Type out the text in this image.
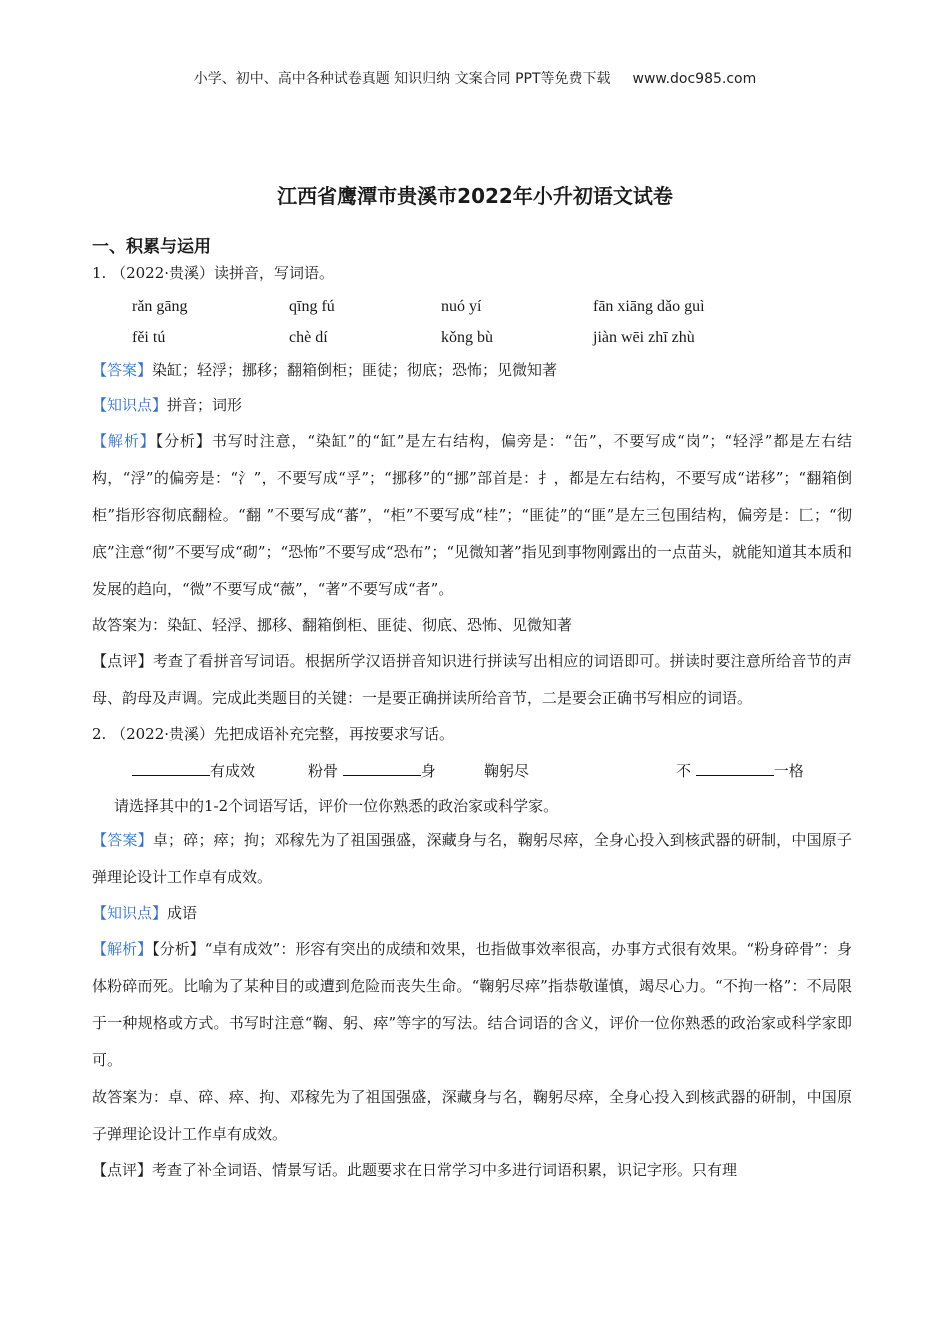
小学、初中、高中各种试卷真题 知识归纳 文案合同 PPT等免费下载 www.doc985.com
江西省鹰潭市贵溪市2022年小升初语文试卷
一、积累与运用
1. （2022·贵溪）读拼音，写词语。
rǎn gāng	qīng fú	nuó yí	fān xiāng dǎo guì
fěi tú	chè dí	kǒng bù	jiàn wēi zhī zhù
【答案】染缸；轻浮；挪移；翻箱倒柜；匪徒；彻底；恐怖；见微知著
【知识点】拼音；词形
【解析】【分析】书写时注意，“染缸”的“缸”是左右结构，偏旁是：“缶”，不要写成“岗”；“轻浮”都是左右结构，“浮”的偏旁是：“氵”，不要写成“孚”；“挪移”的“挪”部首是：扌，都是左右结构，不要写成“诺移”；“翻箱倒柜”指形容彻底翻检。“翻 ”不要写成“蕃”，“柜”不要写成“桂”；“匪徒”的“匪”是左三包围结构，偏旁是：匚；“彻底”注意“彻”不要写成“砌”；“恐怖”不要写成“恐布”；“见微知著”指见到事物刚露出的一点苗头，就能知道其本质和发展的趋向，“微”不要写成“薇”，“著”不要写成“者”。
故答案为：染缸、轻浮、挪移、翻箱倒柜、匪徒、彻底、恐怖、见微知著
【点评】考查了看拼音写词语。根据所学汉语拼音知识进行拼读写出相应的词语即可。拼读时要注意所给音节的声母、韵母及声调。完成此类题目的关键：一是要正确拼读所给音节，二是要会正确书写相应的词语。
2. （2022·贵溪）先把成语补充完整，再按要求写话。
有成效	粉骨	身	鞠躬尽	不	一格
请选择其中的1-2个词语写话，评价一位你熟悉的政治家或科学家。
【答案】卓；碎；瘁；拘；邓稼先为了祖国强盛，深藏身与名，鞠躬尽瘁，全身心投入到核武器的研制，中国原子弹理论设计工作卓有成效。
【知识点】成语
【解析】【分析】“卓有成效”：形容有突出的成绩和效果，也指做事效率很高，办事方式很有效果。“粉身碎骨”：身体粉碎而死。比喻为了某种目的或遭到危险而丧失生命。“鞠躬尽瘁”指恭敬谨慎，竭尽心力。“不拘一格”：不局限于一种规格或方式。书写时注意“鞠、躬、瘁”等字的写法。结合词语的含义，评价一位你熟悉的政治家或科学家即可。
故答案为：卓、碎、瘁、拘、邓稼先为了祖国强盛，深藏身与名，鞠躬尽瘁，全身心投入到核武器的研制，中国原子弹理论设计工作卓有成效。
【点评】考查了补全词语、情景写话。此题要求在日常学习中多进行词语积累，识记字形。只有理
